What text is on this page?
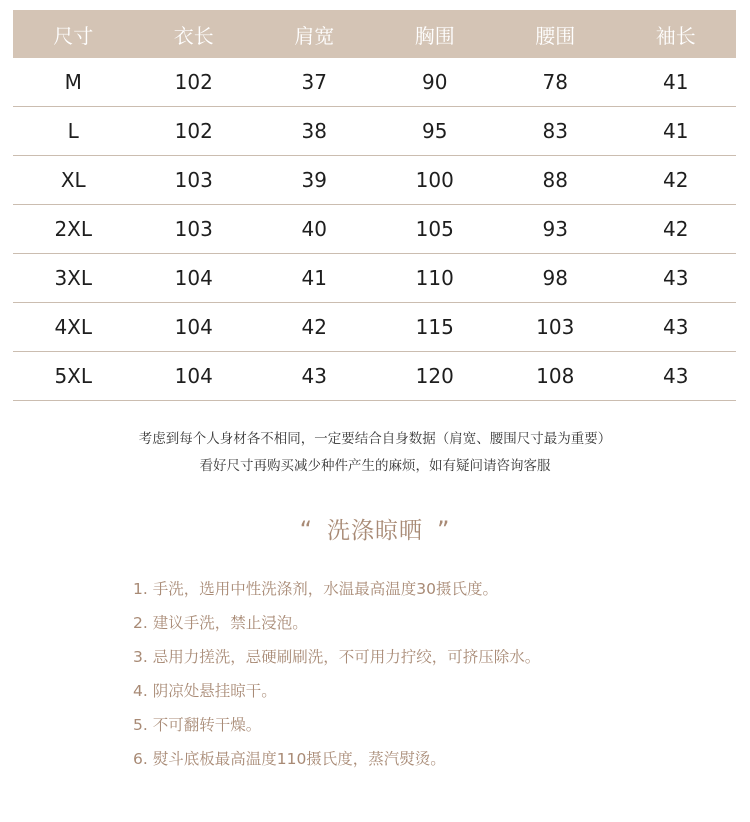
尺寸	衣长	肩宽	胸围	腰围	袖长
M	102	37	90	78	41
L	102	38	95	83	41
XL	103	39	100	88	42
2XL	103	40	105	93	42
3XL	104	41	110	98	43
4XL	104	42	115	103	43
5XL	104	43	120	108	43
考虑到每个人身材各不相同，一定要结合自身数据（肩宽、腰围尺寸最为重要）
看好尺寸再购买减少种件产生的麻烦，如有疑问请咨询客服
“ 洗涤晾晒 ”
1. 手洗，选用中性洗涤剂，水温最高温度30摄氏度。
2. 建议手洗，禁止浸泡。
3. 忌用力搓洗，忌硬刷刷洗，不可用力拧绞，可挤压除水。
4. 阴凉处悬挂晾干。
5. 不可翻转干燥。
6. 熨斗底板最高温度110摄氏度，蒸汽熨烫。
